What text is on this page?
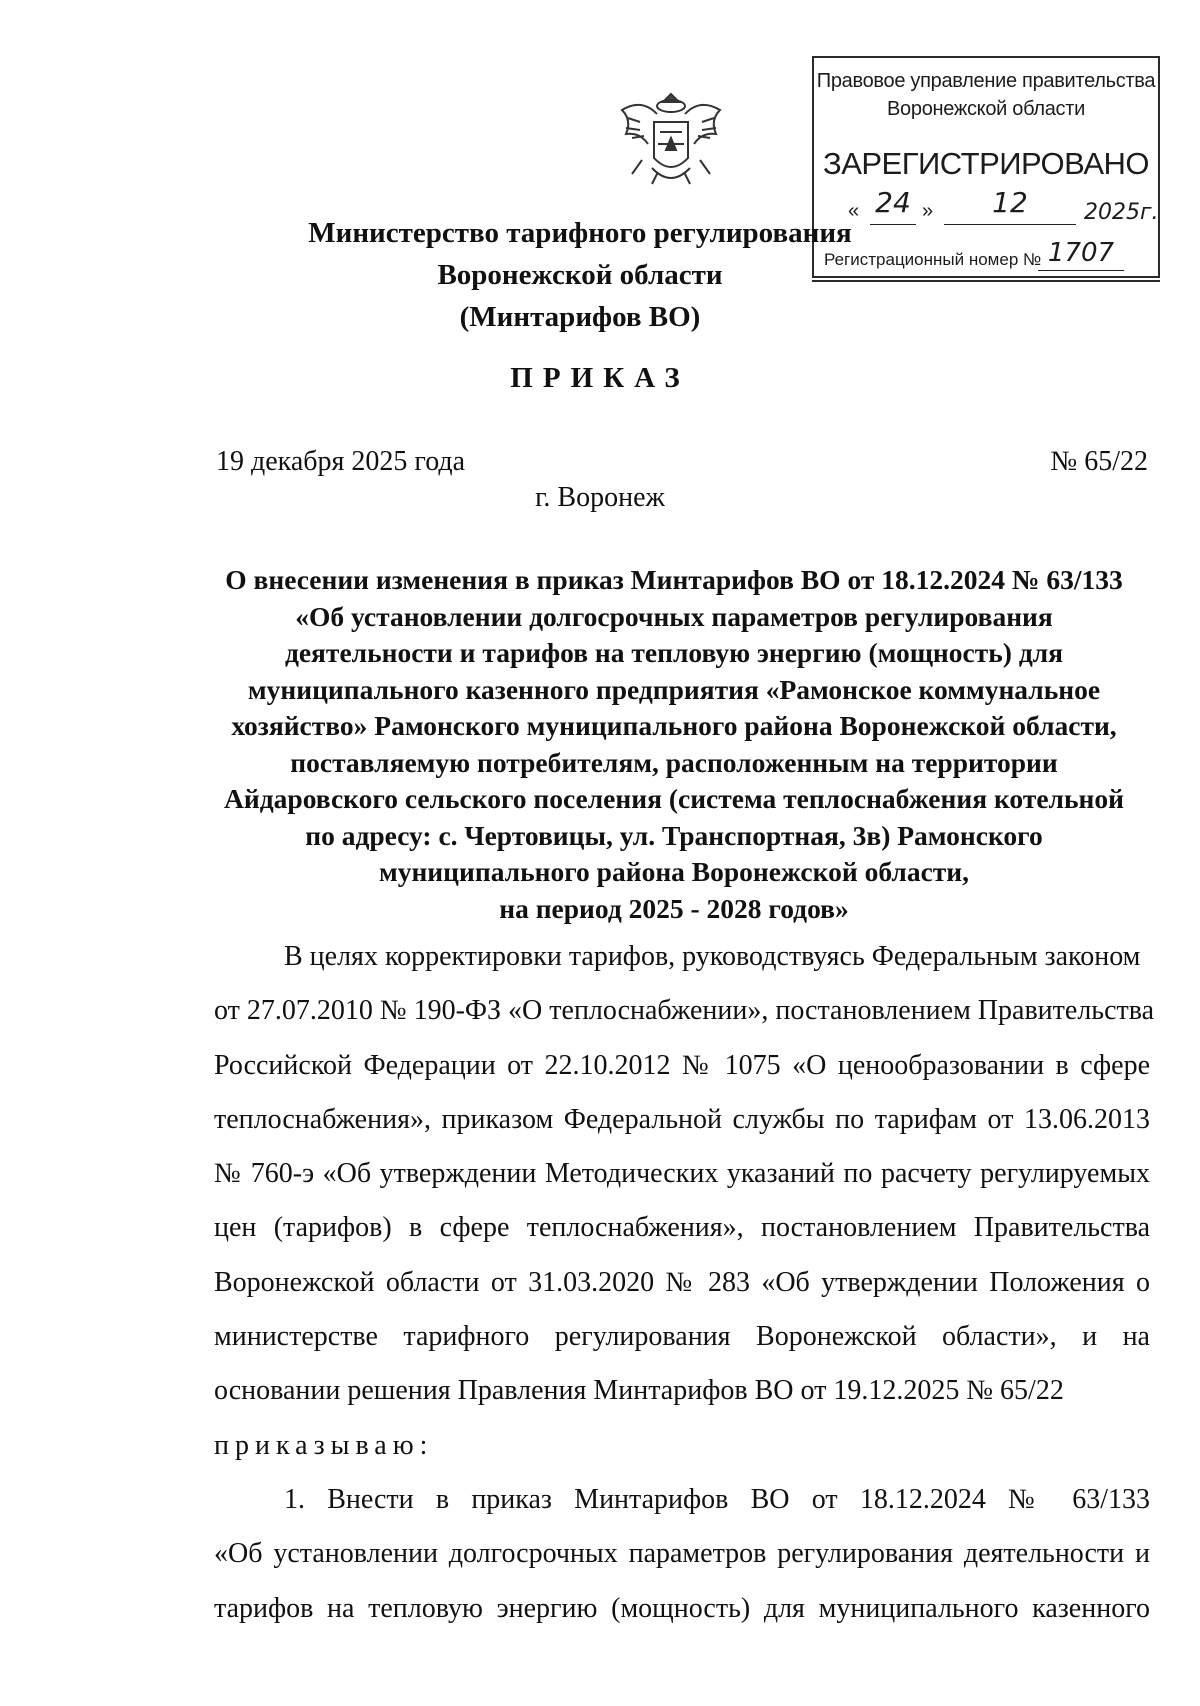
Правовое управление правительства
Воронежской области
ЗАРЕГИСТРИРОВАНО
« 24 »	12	2025г.
Регистрационный номер № 1707
Министерство тарифного регулирования
Воронежской области
(Минтарифов ВО)
ПРИКАЗ
19 декабря 2025 года	№ 65/22
г. Воронеж
О внесении изменения в приказ Минтарифов ВО от 18.12.2024 № 63/133
«Об установлении долгосрочных параметров регулирования
деятельности и тарифов на тепловую энергию (мощность) для
муниципального казенного предприятия «Рамонское коммунальное
хозяйство» Рамонского муниципального района Воронежской области,
поставляемую потребителям, расположенным на территории
Айдаровского сельского поселения (система теплоснабжения котельной
по адресу: с. Чертовицы, ул. Транспортная, 3в) Рамонского
муниципального района Воронежской области,
на период 2025 - 2028 годов»
В целях корректировки тарифов, руководствуясь Федеральным законом
от 27.07.2010 № 190-ФЗ «О теплоснабжении», постановлением Правительства
Российской Федерации от 22.10.2012 № 1075 «О ценообразовании в сфере
теплоснабжения», приказом Федеральной службы по тарифам от 13.06.2013
№ 760-э «Об утверждении Методических указаний по расчету регулируемых
цен (тарифов) в сфере теплоснабжения», постановлением Правительства
Воронежской области от 31.03.2020 № 283 «Об утверждении Положения о
министерстве тарифного регулирования Воронежской области», и на
основании решения Правления Минтарифов ВО от 19.12.2025 № 65/22
приказываю:
1. Внести в приказ Минтарифов ВО от 18.12.2024 № 63/133
«Об установлении долгосрочных параметров регулирования деятельности и
тарифов на тепловую энергию (мощность) для муниципального казенного
